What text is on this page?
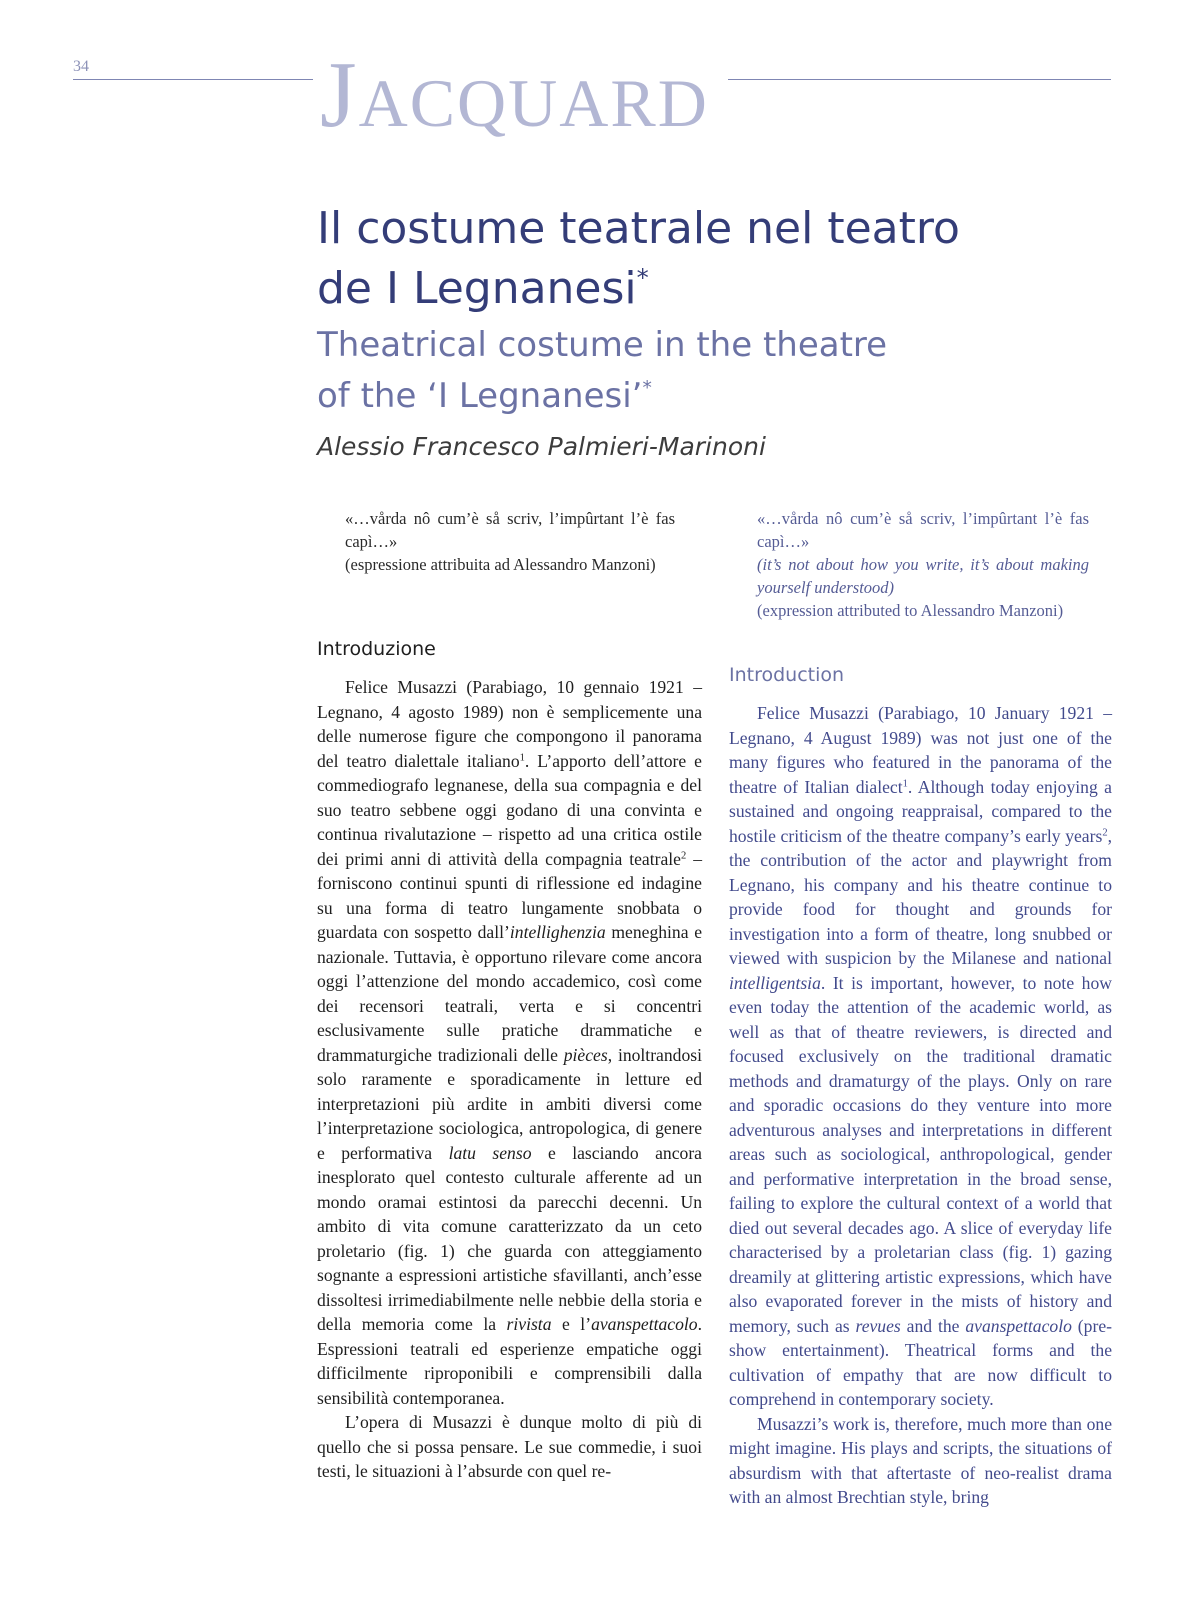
34 JACQUARD
Il costume teatrale nel teatro
de I Legnanesi*
Theatrical costume in the theatre
of the ‘I Legnanesi’*
Alessio Francesco Palmieri-Marinoni

«…vårda nô cum’è så scriv, l’impûrtant l’è fas capì…»

(espressione attribuita ad Alessandro Manzoni)

«…vårda nô cum’è så scriv, l’impûrtant l’è fas capì…»

(it’s not about how you write, it’s about making yourself understood)

(expression attributed to Alessandro Manzoni)

Introduzione
Introduction

Felice Musazzi (Parabiago, 10 gennaio 1921 – Legnano, 4 agosto 1989) non è semplicemente una delle numerose figure che compongono il panorama del teatro dialettale italiano$^1$. L’apporto dell’attore e commediografo legnanese, della sua compagnia e del suo teatro sebbene oggi godano di una convinta e continua rivalutazione – rispetto ad una critica ostile dei primi anni di attività della compagnia teatrale$^2$ – forniscono continui spunti di riflessione ed indagine su una forma di teatro lungamente snobbata o guardata con sospetto dall’intellighenzia meneghina e nazionale. Tuttavia, è opportuno rilevare come ancora oggi l’attenzione del mondo accademico, così come dei recensori teatrali, verta e si concentri esclusivamente sulle pratiche drammatiche e drammaturgiche tradizionali delle pièces, inoltrandosi solo raramente e sporadicamente in letture ed interpretazioni più ardite in ambiti diversi come l’interpretazione sociologica, antropologica, di genere e performativa latu senso e lasciando ancora inesplorato quel contesto culturale afferente ad un mondo oramai estintosi da parecchi decenni. Un ambito di vita comune caratterizzato da un ceto proletario (fig. 1) che guarda con atteggiamento sognante a espressioni artistiche sfavillanti, anch’esse dissoltesi irrimediabilmente nelle nebbie della storia e della memoria come la rivista e l’avanspettacolo. Espressioni teatrali ed esperienze empatiche oggi difficilmente riproponibili e comprensibili dalla sensibilità contemporanea.

L’opera di Musazzi è dunque molto di più di quello che si possa pensare. Le sue commedie, i suoi testi, le situazioni à l’absurde con quel re-

Felice Musazzi (Parabiago, 10 January 1921 – Legnano, 4 August 1989) was not just one of the many figures who featured in the panorama of the theatre of Italian dialect$^1$. Although today enjoying a sustained and ongoing reappraisal, compared to the hostile criticism of the theatre company’s early years$^2$, the contribution of the actor and playwright from Legnano, his company and his theatre continue to provide food for thought and grounds for investigation into a form of theatre, long snubbed or viewed with suspicion by the Milanese and national intelligentsia. It is important, however, to note how even today the attention of the academic world, as well as that of theatre reviewers, is directed and focused exclusively on the traditional dramatic methods and dramaturgy of the plays. Only on rare and sporadic occasions do they venture into more adventurous analyses and interpretations in different areas such as sociological, anthropological, gender and performative interpretation in the broad sense, failing to explore the cultural context of a world that died out several decades ago. A slice of everyday life characterised by a proletarian class (fig. 1) gazing dreamily at glittering artistic expressions, which have also evaporated forever in the mists of history and memory, such as revues and the avanspettacolo (pre-show entertainment). Theatrical forms and the cultivation of empathy that are now difficult to comprehend in contemporary society.

Musazzi’s work is, therefore, much more than one might imagine. His plays and scripts, the situations of absurdism with that aftertaste of neo-realist drama with an almost Brechtian style, bring
